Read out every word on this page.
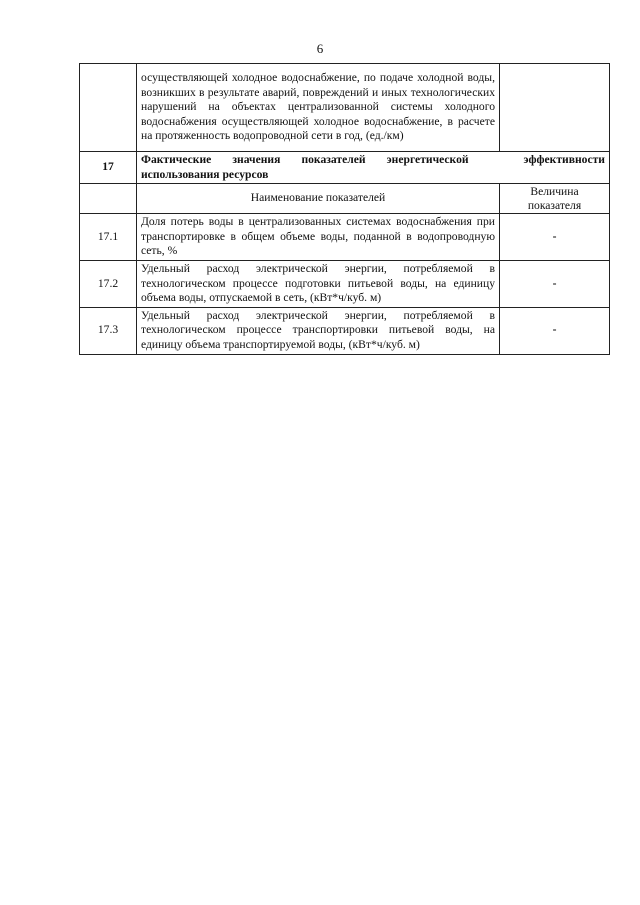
6
	осуществляющей холодное водоснабжение, по подаче холодной воды, возникших в результате аварий, повреждений и иных технологических нарушений на объектах централизованной системы холодного водоснабжения осуществляющей холодное водоснабжение, в расчете на протяженность водопроводной сети в год, (ед./км)	
17	Фактические значения показателей энергетической эффективности
использования ресурсов	

	Наименование показателей	Величина показателя
17.1	Доля потерь воды в централизованных системах водоснабжения при транспортировке в общем объеме воды, поданной в водопроводную сеть, %	-
17.2	Удельный расход электрической энергии, потребляемой в технологическом процессе подготовки питьевой воды, на единицу объема воды, отпускаемой в сеть, (кВт*ч/куб. м)	-
17.3	Удельный расход электрической энергии, потребляемой в технологическом процессе транспортировки питьевой воды, на единицу объема транспортируемой воды, (кВт*ч/куб. м)	-
